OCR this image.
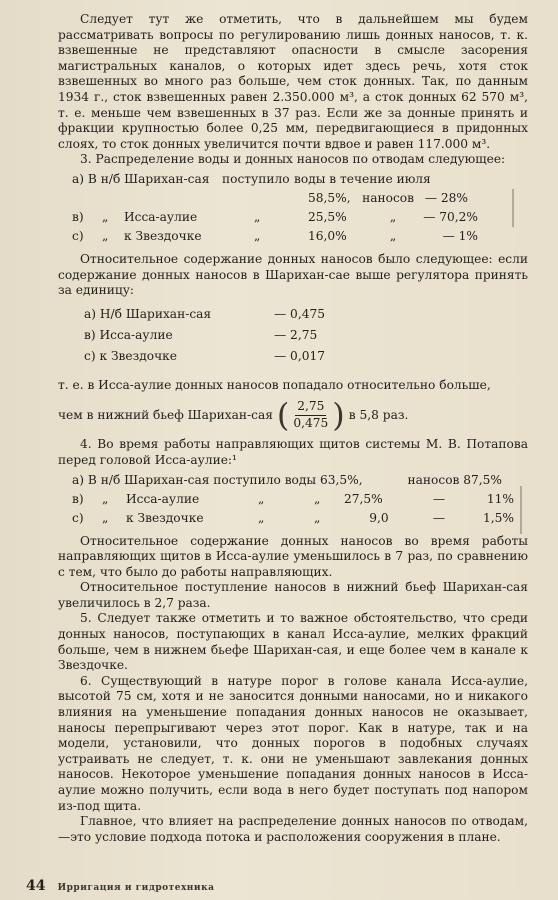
Следует тут же отметить, что в дальнейшем мы будем рассматривать вопросы по регулированию лишь донных наносов, т. к. взвешенные не представляют опасности в смысле засорения магистральных каналов, о которых идет здесь речь, хотя сток взвешенных во много раз больше, чем сток донных. Так, по данным 1934 г., сток взвешенных равен 2.350.000 м³, а сток донных 62 570 м³, т. е. меньше чем взвешенных в 37 раз. Если же за донные принять и фракции крупностью более 0,25 мм, передвигающиеся в придонных слоях, то сток донных увеличится почти вдвое и равен 117.000 м³.

3. Распределение воды и донных наносов по отводам следующее:

а) В н/б Шарихан-сая	поступило воды в течение июля
58,5%, наносов — 28%
в)	„	Исса-аулие	„	25,5%	„	— 70,2%
с)	„	к Звездочке	„	16,0%	„	— 1%

Относительное содержание донных наносов было следующее: если содержание донных наносов в Шарихан-сае выше регулятора принять за единицу:

а) Н/б Шарихан-сая	— 0,475
в) Исса-аулие	— 2,75
с) к Звездочке	— 0,017

т. е. в Исса-аулие донных наносов попадало относительно больше,

чем в нижний бьеф Шарихан-сая ( $\frac{2,75}{0,475}$ ) в 5,8 раз.

4. Во время работы направляющих щитов системы М. В. Потапова перед головой Исса-аулие:¹

а) В н/б Шарихан-сая поступило воды 63,5%,	наносов 87,5%
в)	„	Исса-аулие	„	„	27,5%	—	11%
с)	„	к Звездочке	„	„	9,0	—	1,5%

Относительное содержание донных наносов во время работы направляющих щитов в Исса-аулие уменьшилось в 7 раз, по сравнению с тем, что было до работы направляющих.

Относительное поступление наносов в нижний бьеф Шарихан-сая увеличилось в 2,7 раза.

5. Следует также отметить и то важное обстоятельство, что среди донных наносов, поступающих в канал Исса-аулие, мелких фракций больше, чем в нижнем бьефе Шарихан-сая, и еще более чем в канале к Звездочке.

6. Существующий в натуре порог в голове канала Исса-аулие, высотой 75 см, хотя и не заносится донными наносами, но и никакого влияния на уменьшение попадания донных наносов не оказывает, наносы перепрыгивают через этот порог. Как в натуре, так и на модели, установили, что донных порогов в подобных случаях устраивать не следует, т. к. они не уменьшают завлекания донных наносов. Некоторое уменьшение попадания донных наносов в Исса-аулие можно получить, если вода в него будет поступать под напором из-под щита.

Главное, что влияет на распределение донных наносов по отводам,—это условие подхода потока и расположения сооружения в плане.

44 Ирригация и гидротехника
